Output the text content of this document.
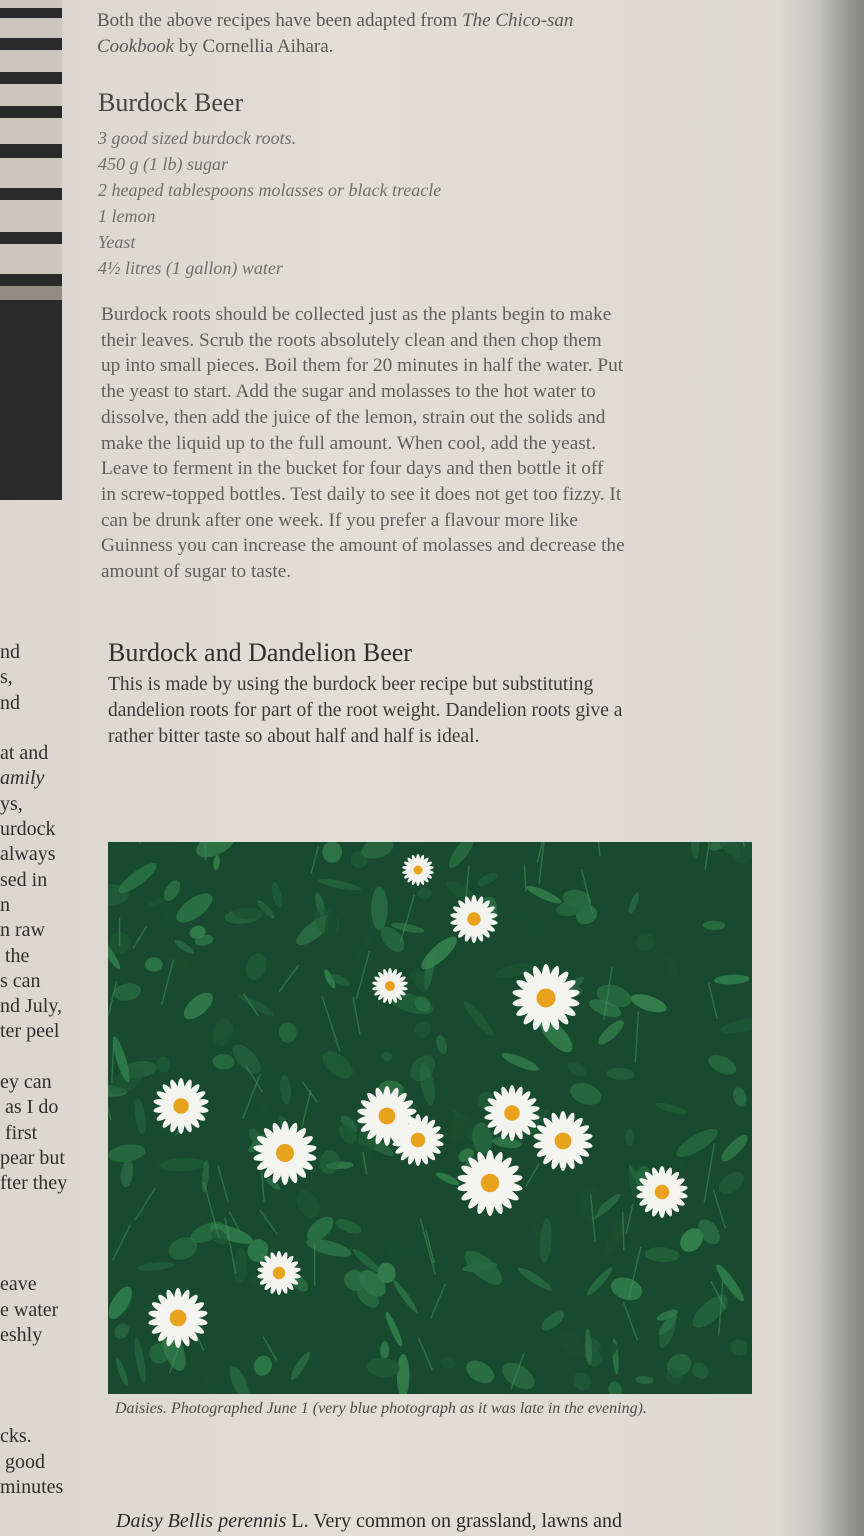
nd
s,
nd

at and
amily
ys,
urdock
always
sed in
n
n raw
the
s can
nd July,
ter peel

ey can
as I do
first
pear but
fter they

eave
e water
eshly

cks.
good
minutes
Both the above recipes have been adapted from The Chico-san
Cookbook by Cornellia Aihara.
Burdock Beer
3 good sized burdock roots.
450 g (1 lb) sugar
2 heaped tablespoons molasses or black treacle
1 lemon
Yeast
4½ litres (1 gallon) water
Burdock roots should be collected just as the plants begin to make
their leaves. Scrub the roots absolutely clean and then chop them
up into small pieces. Boil them for 20 minutes in half the water. Put
the yeast to start. Add the sugar and molasses to the hot water to
dissolve, then add the juice of the lemon, strain out the solids and
make the liquid up to the full amount. When cool, add the yeast.
Leave to ferment in the bucket for four days and then bottle it off
in screw-topped bottles. Test daily to see it does not get too fizzy. It
can be drunk after one week. If you prefer a flavour more like
Guinness you can increase the amount of molasses and decrease the
amount of sugar to taste.
Burdock and Dandelion Beer
This is made by using the burdock beer recipe but substituting
dandelion roots for part of the root weight. Dandelion roots give a
rather bitter taste so about half and half is ideal.
Daisies. Photographed June 1 (very blue photograph as it was late in the evening).
Daisy Bellis perennis L. Very common on grassland, lawns and
